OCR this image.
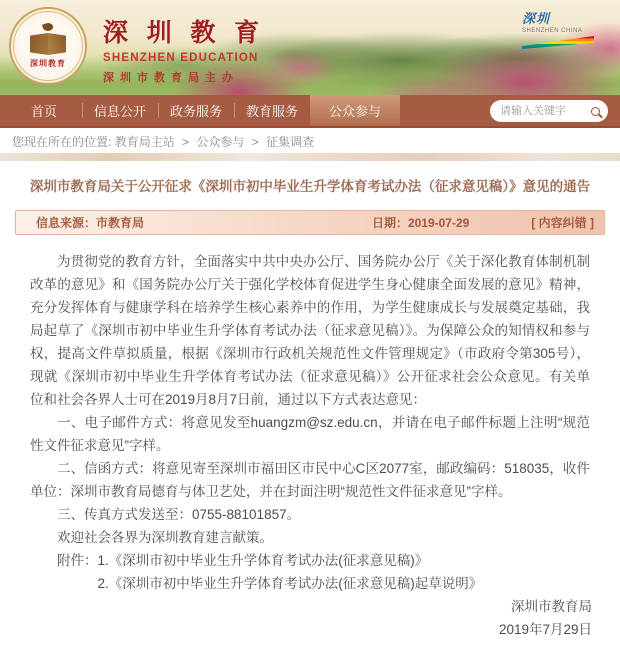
深圳教育
深 圳 教 育
SHENZHEN EDUCATION
深圳市教育局主办
深圳
SHENZHEN CHINA
首页	信息公开	政务服务	教育服务	公众参与
请输入关键字
您现在所在的位置: 教育局主站 > 公众参与 > 征集调查
深圳市教育局关于公开征求《深圳市初中毕业生升学体育考试办法（征求意见稿）》意见的通告
信息来源：市教育局	日期：2019-07-29	[ 内容纠错 ]

为贯彻党的教育方针，全面落实中共中央办公厅、国务院办公厅《关于深化教育体制机制改革的意见》和《国务院办公厅关于强化学校体育促进学生身心健康全面发展的意见》精神，充分发挥体育与健康学科在培养学生核心素养中的作用，为学生健康成长与发展奠定基础，我局起草了《深圳市初中毕业生升学体育考试办法（征求意见稿）》。为保障公众的知情权和参与权，提高文件草拟质量，根据《深圳市行政机关规范性文件管理规定》（市政府令第305号），现就《深圳市初中毕业生升学体育考试办法（征求意见稿）》公开征求社会公众意见。有关单位和社会各界人士可在2019月8月7日前，通过以下方式表达意见：

一、电子邮件方式：将意见发至huangzm@sz.edu.cn，并请在电子邮件标题上注明“规范性文件征求意见”字样。

二、信函方式：将意见寄至深圳市福田区市民中心C区2077室，邮政编码：518035，收件单位：深圳市教育局德育与体卫艺处，并在封面注明“规范性文件征求意见”字样。

三、传真方式发送至：0755-88101857。

欢迎社会各界为深圳教育建言献策。

附件：1.《深圳市初中毕业生升学体育考试办法(征求意见稿)》

2.《深圳市初中毕业生升学体育考试办法(征求意见稿)起草说明》

深圳市教育局
2019年7月29日
